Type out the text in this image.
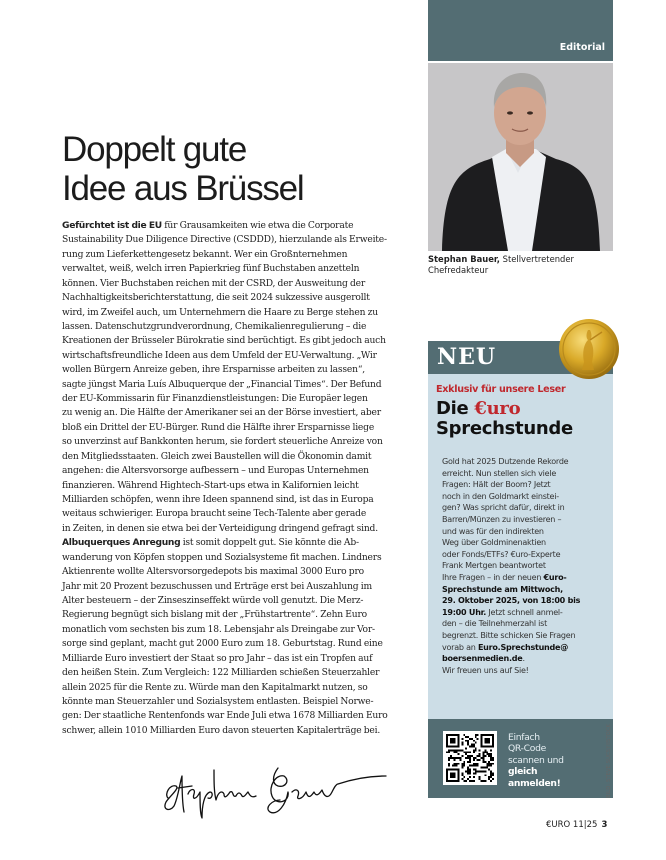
Doppelt gute
Idee aus Brüssel

Gefürchtet ist die EU für Grausamkeiten wie etwa die Corporate

Sustainability Due Diligence Directive (CSDDD), hierzulande als Erweite-

rung zum Lieferkettengesetz bekannt. Wer ein Großnternehmen

verwaltet, weiß, welch irren Papierkrieg fünf Buchstaben anzetteln

können. Vier Buchstaben reichen mit der CSRD, der Ausweitung der

Nachhaltigkeitsberichterstattung, die seit 2024 sukzessive ausgerollt

wird, im Zweifel auch, um Unternehmern die Haare zu Berge stehen zu

lassen. Datenschutzgrundverordnung, Chemikalienregulierung – die

Kreationen der Brüsseler Bürokratie sind berüchtigt. Es gibt jedoch auch

wirtschaftsfreundliche Ideen aus dem Umfeld der EU-Verwaltung. „Wir

wollen Bürgern Anreize geben, ihre Ersparnisse arbeiten zu lassen“,

sagte jüngst Maria Luís Albuquerque der „Financial Times“. Der Befund

der EU-Kommissarin für Finanzdienstleistungen: Die Europäer legen

zu wenig an. Die Hälfte der Amerikaner sei an der Börse investiert, aber

bloß ein Drittel der EU-Bürger. Rund die Hälfte ihrer Ersparnisse liege

so unverzinst auf Bankkonten herum, sie fordert steuerliche Anreize von

den Mitgliedsstaaten. Gleich zwei Baustellen will die Ökonomin damit

angehen: die Altersvorsorge aufbessern – und Europas Unternehmen

finanzieren. Während Hightech-Start-ups etwa in Kalifornien leicht

Milliarden schöpfen, wenn ihre Ideen spannend sind, ist das in Europa

weitaus schwieriger. Europa braucht seine Tech-Talente aber gerade

in Zeiten, in denen sie etwa bei der Verteidigung dringend gefragt sind.

Albuquerques Anregung ist somit doppelt gut. Sie könnte die Ab-

wanderung von Köpfen stoppen und Sozialsysteme fit machen. Lindners

Aktienrente wollte Altersvorsorgedepots bis maximal 3000 Euro pro

Jahr mit 20 Prozent bezuschussen und Erträge erst bei Auszahlung im

Alter besteuern – der Zinseszinseffekt würde voll genutzt. Die Merz-

Regierung begnügt sich bislang mit der „Frühstartrente“. Zehn Euro

monatlich vom sechsten bis zum 18. Lebensjahr als Dreingabe zur Vor-

sorge sind geplant, macht gut 2000 Euro zum 18. Geburtstag. Rund eine

Milliarde Euro investiert der Staat so pro Jahr – das ist ein Tropfen auf

den heißen Stein. Zum Vergleich: 122 Milliarden schießen Steuerzahler

allein 2025 für die Rente zu. Würde man den Kapitalmarkt nutzen, so

könnte man Steuerzahler und Sozialsystem entlasten. Beispiel Norwe-

gen: Der staatliche Rentenfonds war Ende Juli etwa 1678 Milliarden Euro

schwer, allein 1010 Milliarden Euro davon steuerten Kapitalerträge bei.

Editorial
Stephan Bauer, Stellvertretender
Chefredakteur
NEU
Exklusiv für unsere Leser
Die €uro
Sprechstunde

Gold hat 2025 Dutzende Rekorde

erreicht. Nun stellen sich viele

Fragen: Hält der Boom? Jetzt

noch in den Goldmarkt einstei-

gen? Was spricht dafür, direkt in

Barren/Münzen zu investieren –

und was für den indirekten

Weg über Goldminenaktien

oder Fonds/ETFs? €uro-Experte

Frank Mertgen beantwortet

Ihre Fragen – in der neuen €uro-

Sprechstunde am Mittwoch,

29. Oktober 2025, von 18:00 bis

19:00 Uhr. Jetzt schnell anmel-

den – die Teilnehmerzahl ist

begrenzt. Bitte schicken Sie Fragen

vorab an Euro.Sprechstunde@

boersenmedien.de.

Wir freuen uns auf Sie!

Einfach
QR-Code
scannen und
gleich
anmelden!	BILD: STEVE SUCSY/ISTOCK
€URO 11|25 3
